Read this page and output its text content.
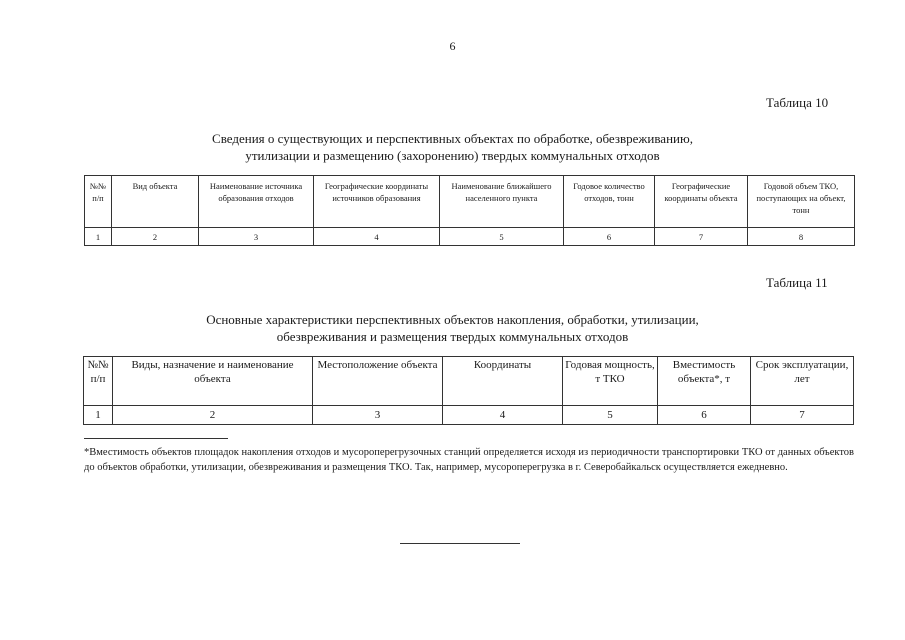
6
Таблица 10
Сведения о существующих и перспективных объектах по обработке, обезвреживанию,
утилизации и размещению (захоронению) твердых коммунальных отходов
№№ п/п	Вид объекта	Наименование источника образования отходов	Географические координаты источников образования	Наименование ближайшего населенного пункта	Годовое количество отходов, тонн	Географические координаты объекта	Годовой объем ТКО, поступающих на объект, тонн
1	2	3	4	5	6	7	8
Таблица 11
Основные характеристики перспективных объектов накопления, обработки, утилизации,
обезвреживания и размещения твердых коммунальных отходов
№№ п/п	Виды, назначение и наименование объекта	Местоположение объекта	Координаты	Годовая мощность, т ТКО	Вместимость объекта*, т	Срок эксплуатации, лет
1	2	3	4	5	6	7
*Вместимость объектов площадок накопления отходов и мусороперегрузочных станций определяется исходя из периодичности транспортировки ТКО от данных объектов до объектов обработки, утилизации, обезвреживания и размещения ТКО. Так, например, мусороперегрузка в г. Северобайкальск осуществляется ежедневно.
